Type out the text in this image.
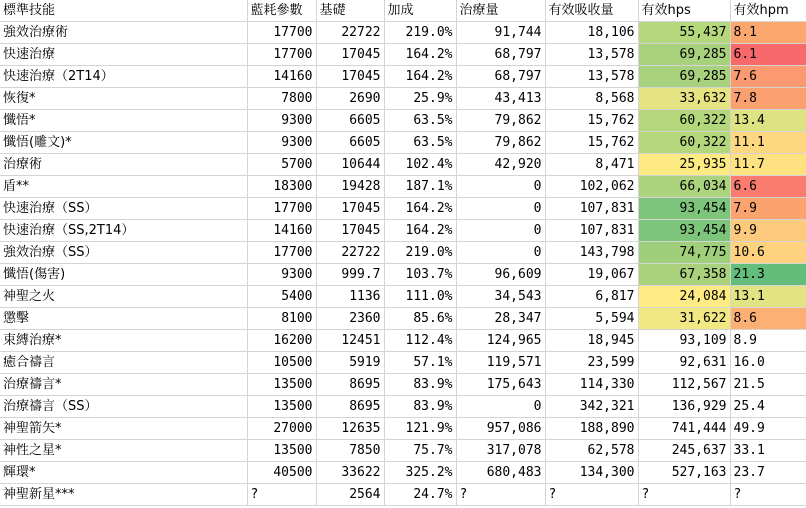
標準技能	藍耗參數	基礎	加成	治療量	有效吸收量	有效hps	有效hpm
強效治療術	17700	22722	219.0%	91,744	18,106	55,437	8.1
快速治療	17700	17045	164.2%	68,797	13,578	69,285	6.1
快速治療（2T14）	14160	17045	164.2%	68,797	13,578	69,285	7.6
恢復*	7800	2690	25.9%	43,413	8,568	33,632	7.8
懺悟*	9300	6605	63.5%	79,862	15,762	60,322	13.4
懺悟(雕文)*	9300	6605	63.5%	79,862	15,762	60,322	11.1
治療術	5700	10644	102.4%	42,920	8,471	25,935	11.7
盾**	18300	19428	187.1%	0	102,062	66,034	6.6
快速治療（SS）	17700	17045	164.2%	0	107,831	93,454	7.9
快速治療（SS,2T14）	14160	17045	164.2%	0	107,831	93,454	9.9
強效治療（SS）	17700	22722	219.0%	0	143,798	74,775	10.6
懺悟(傷害)	9300	999.7	103.7%	96,609	19,067	67,358	21.3
神聖之火	5400	1136	111.0%	34,543	6,817	24,084	13.1
懲擊	8100	2360	85.6%	28,347	5,594	31,622	8.6
束縛治療*	16200	12451	112.4%	124,965	18,945	93,109	8.9
癒合禱言	10500	5919	57.1%	119,571	23,599	92,631	16.0
治療禱言*	13500	8695	83.9%	175,643	114,330	112,567	21.5
治療禱言（SS）	13500	8695	83.9%	0	342,321	136,929	25.4
神聖箭矢*	27000	12635	121.9%	957,086	188,890	741,444	49.9
神性之星*	13500	7850	75.7%	317,078	62,578	245,637	33.1
輝環*	40500	33622	325.2%	680,483	134,300	527,163	23.7
神聖新星***	?	2564	24.7%	?	?	?	?
